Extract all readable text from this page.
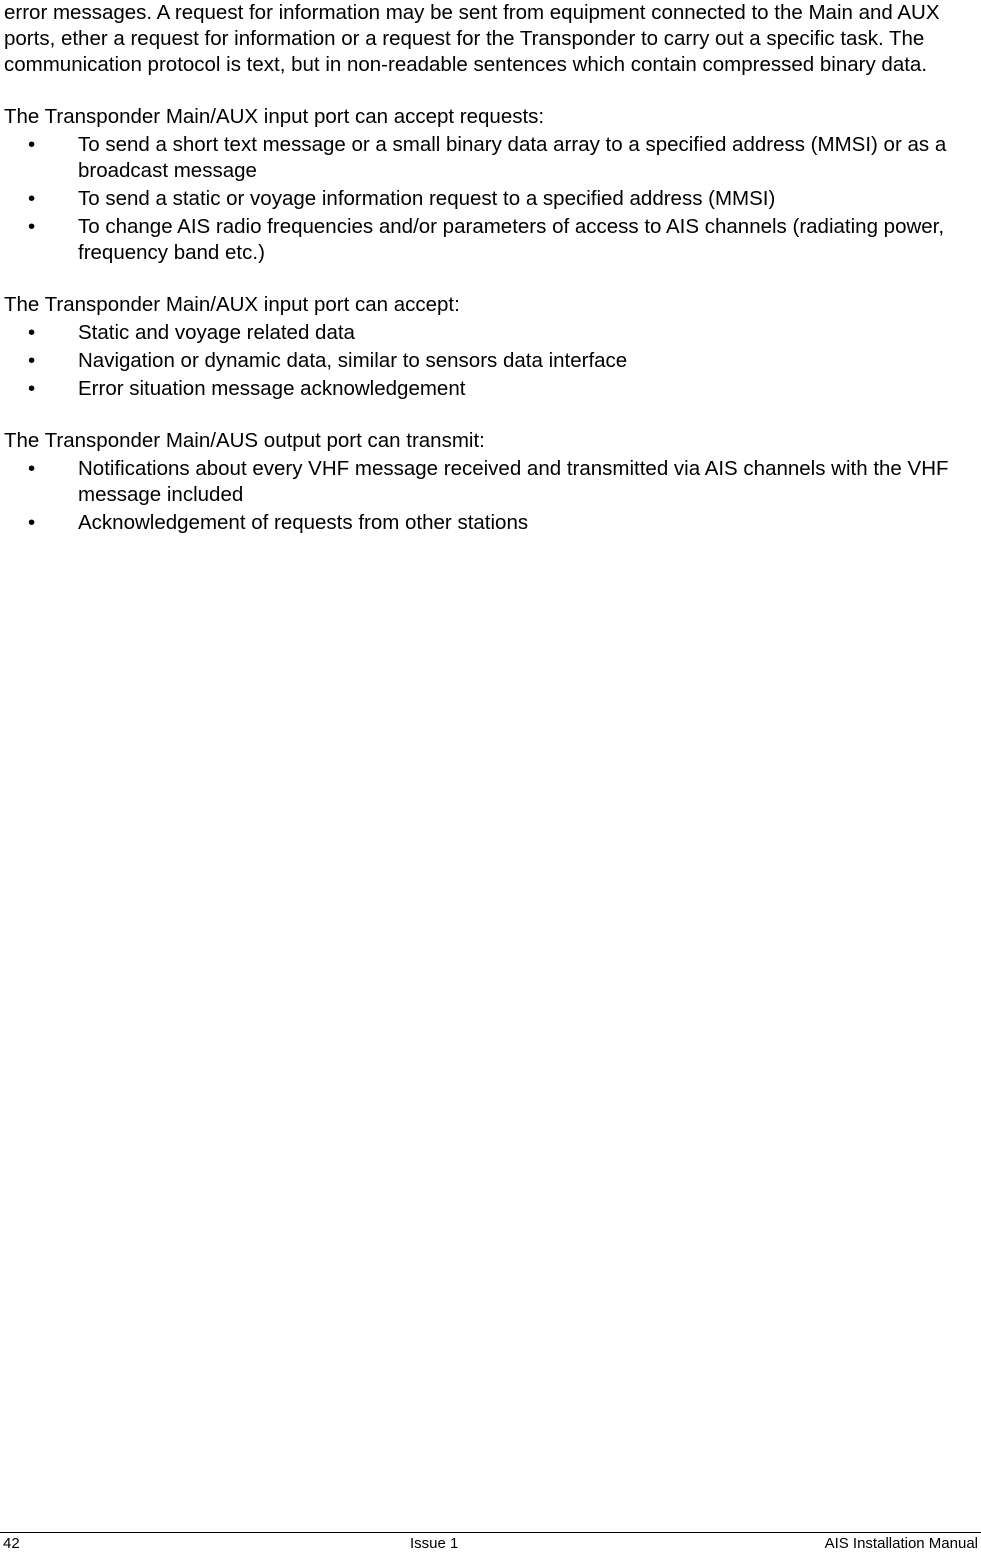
error messages. A request for information may be sent from equipment connected to the Main and AUX ports, ether a request for information or a request for the Transponder to carry out a specific task. The communication protocol is text, but in non-readable sentences which contain compressed binary data.

The Transponder Main/AUX input port can accept requests:

• To send a short text message or a small binary data array to a specified address (MMSI) or as a broadcast message
• To send a static or voyage information request to a specified address (MMSI)
• To change AIS radio frequencies and/or parameters of access to AIS channels (radiating power, frequency band etc.)

The Transponder Main/AUX input port can accept:

• Static and voyage related data
• Navigation or dynamic data, similar to sensors data interface
• Error situation message acknowledgement

The Transponder Main/AUS output port can transmit:

• Notifications about every VHF message received and transmitted via AIS channels with the VHF message included
• Acknowledgement of requests from other stations
42	Issue 1	AIS Installation Manual
